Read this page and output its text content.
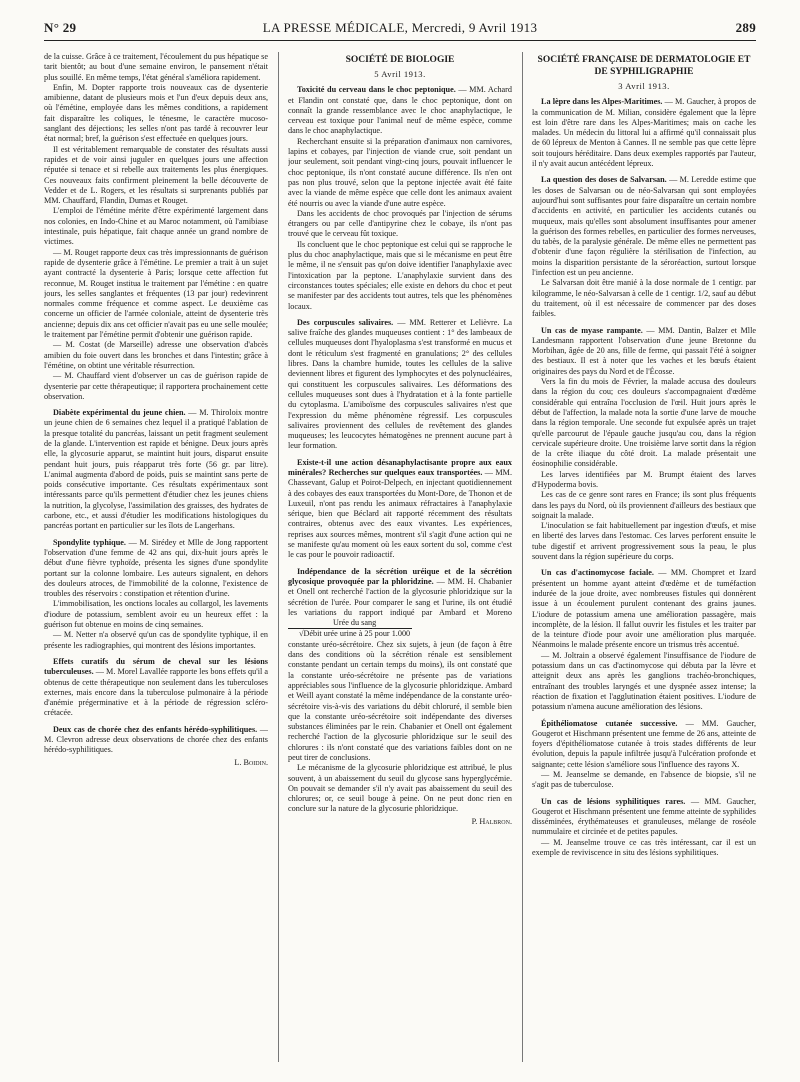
N° 29	LA PRESSE MÉDICALE, Mercredi, 9 Avril 1913	289

de la cuisse. Grâce à ce traitement, l'écoulement du pus hépatique se tarit bientôt; au bout d'une semaine environ, le pansement n'était plus souillé. En même temps, l'état général s'améliora rapidement.

Enfin, M. Dopter rapporte trois nouveaux cas de dysenterie amibienne, datant de plusieurs mois et l'un d'eux depuis deux ans, où l'émétine, employée dans les mêmes conditions, a rapidement fait disparaître les coliques, le ténesme, le caractère mucoso-sanglant des déjections; les selles n'ont pas tardé à recouvrer leur état normal; bref, la guérison s'est effectuée en quelques jours.

Il est véritablement remarquable de constater des résultats aussi rapides et de voir ainsi juguler en quelques jours une affection réputée si tenace et si rebelle aux traitements les plus énergiques. Ces nouveaux faits confirment pleinement la belle découverte de Vedder et de L. Rogers, et les résultats si surprenants publiés par MM. Chauffard, Flandin, Dumas et Rouget.

L'emploi de l'émétine mérite d'être expérimenté largement dans nos colonies, en Indo-Chine et au Maroc notamment, où l'amibiase intestinale, puis hépatique, fait chaque année un grand nombre de victimes.

— M. Rouget rapporte deux cas très impressionnants de guérison rapide de dysenterie grâce à l'émétine. Le premier a trait à un sujet ayant contracté la dysenterie à Paris; lorsque cette affection fut reconnue, M. Rouget institua le traitement par l'émétine : en quatre jours, les selles sanglantes et fréquentes (13 par jour) redevinrent normales comme fréquence et comme aspect. Le deuxième cas concerne un officier de l'armée coloniale, atteint de dysenterie très ancienne; depuis dix ans cet officier n'avait pas eu une selle moulée; le traitement par l'émétine permit d'obtenir une guérison rapide.

— M. Costat (de Marseille) adresse une observation d'abcès amibien du foie ouvert dans les bronches et dans l'intestin; grâce à l'émétine, on obtint une véritable résurrection.

— M. Chauffard vient d'observer un cas de guérison rapide de dysenterie par cette thérapeutique; il rapportera prochainement cette observation.

Diabète expérimental du jeune chien. — M. Thiroloix montre un jeune chien de 6 semaines chez lequel il a pratiqué l'ablation de la presque totalité du pancréas, laissant un petit fragment seulement de la glande. L'intervention est rapide et bénigne. Deux jours après elle, la glycosurie apparut, se maintint huit jours, disparut ensuite pendant huit jours, puis réapparut très forte (56 gr. par litre). L'animal augmenta d'abord de poids, puis se maintint sans perte de poids consécutive importante. Ces résultats expérimentaux sont intéressants parce qu'ils permettent d'étudier chez les jeunes chiens la nutrition, la glycolyse, l'assimilation des graisses, des hydrates de carbone, etc., et aussi d'étudier les modifications histologiques du pancréas portant en particulier sur les îlots de Langerhans.

Spondylite typhique. — M. Sirédey et Mlle de Jong rapportent l'observation d'une femme de 42 ans qui, dix-huit jours après le début d'une fièvre typhoïde, présenta les signes d'une spondylite portant sur la colonne lombaire. Les auteurs signalent, en dehors des douleurs atroces, de l'immobilité de la colonne, l'existence de troubles des réservoirs : constipation et rétention d'urine.

L'immobilisation, les onctions locales au collargol, les lavements d'iodure de potassium, semblent avoir eu un heureux effet : la guérison fut obtenue en moins de cinq semaines.

— M. Netter n'a observé qu'un cas de spondylite typhique, il en présente les radiographies, qui montrent des lésions importantes.

Effets curatifs du sérum de cheval sur les lésions tuberculeuses. — M. Morel Lavallée rapporte les bons effets qu'il a obtenus de cette thérapeutique non seulement dans les tuberculoses externes, mais encore dans la tuberculose pulmonaire à la période d'anémie prégerminative et à la période de régression scléro-crétacée.

Deux cas de chorée chez des enfants hérédo-syphilitiques. — M. Clevron adresse deux observations de chorée chez des enfants hérédo-syphilitiques.

L. Boidin.
SOCIÉTÉ DE BIOLOGIE
5 Avril 1913.

Toxicité du cerveau dans le choc peptonique. — MM. Achard et Flandin ont constaté que, dans le choc peptonique, dont on connaît la grande ressemblance avec le choc anaphylactique, le cerveau est toxique pour l'animal neuf de même espèce, comme dans le choc anaphylactique.

Recherchant ensuite si la préparation d'animaux non carnivores, lapins et cobayes, par l'injection de viande crue, soit pendant un jour seulement, soit pendant vingt-cinq jours, pouvait influencer le choc peptonique, ils n'ont constaté aucune différence. Ils n'en ont pas non plus trouvé, selon que la peptone injectée avait été faite avec la viande de même espèce que celle dont les animaux avaient été nourris ou avec la viande d'une autre espèce.

Dans les accidents de choc provoqués par l'injection de sérums étrangers ou par celle d'antipyrine chez le cobaye, ils n'ont pas trouvé que le cerveau fût toxique.

Ils concluent que le choc peptonique est celui qui se rapproche le plus du choc anaphylactique, mais que si le mécanisme en peut être le même, il ne s'ensuit pas qu'on doive identifier l'anaphylaxie avec l'intoxication par la peptone. L'anaphylaxie survient dans des circonstances toutes spéciales; elle existe en dehors du choc et peut se manifester par des accidents tout autres, tels que les phénomènes locaux.

Des corpuscules salivaires. — MM. Retterer et Lelièvre. La salive fraîche des glandes muqueuses contient : 1° des lambeaux de cellules muqueuses dont l'hyaloplasma s'est transformé en mucus et dont le réticulum s'est fragmenté en granulations; 2° des cellules libres. Dans la chambre humide, toutes les cellules de la salive deviennent libres et figurent des lymphocytes et des polynucléaires, qui constituent les corpuscules salivaires. Les déformations des cellules muqueuses sont dues à l'hydratation et à la fonte partielle du cytoplasma. L'amiboïsme des corpuscules salivaires n'est que l'expression du même phénomène régressif. Les corpuscules salivaires proviennent des cellules de revêtement des glandes muqueuses; les leucocytes hématogènes ne prennent aucune part à leur formation.

Existe-t-il une action désanaphylactisante propre aux eaux minérales? Recherches sur quelques eaux transportées. — MM. Chassevant, Galup et Poirot-Delpech, en injectant quotidiennement à des cobayes des eaux transportées du Mont-Dore, de Thonon et de Luxeuil, n'ont pas rendu les animaux réfractaires à l'anaphylaxie sérique, bien que Béclard ait rapporté récemment des résultats contraires, obtenus avec des eaux vivantes. Les expériences, reprises aux sources mêmes, montrent s'il s'agit d'une action qui ne se manifeste qu'au moment où les eaux sortent du sol, comme c'est le cas pour le pouvoir radioactif.

Indépendance de la sécrétion uréique et de la sécrétion glycosique provoquée par la phloridzine. — MM. H. Chabanier et Onell ont recherché l'action de la glycosurie phloridzique sur la sécrétion de l'urée. Pour comparer le sang et l'urine, ils ont étudié les variations du rapport indiqué par Ambard et Moreno
Urée du sang
√Débit urée urine à 25 pour 1.000

constante uréo-sécrétoire. Chez six sujets, à jeun (de façon à être dans des conditions où la sécrétion rénale est sensiblement constante pendant un certain temps du moins), ils ont constaté que la constante uréo-sécrétoire ne présente pas de variations appréciables sous l'influence de la glycosurie phloridzique. Ambard et Weill ayant constaté la même indépendance de la constante uréo-sécrétoire vis-à-vis des variations du débit chloruré, il semble bien que la constante uréo-sécrétoire soit indépendante des diverses substances éliminées par le rein. Chabanier et Onell ont également recherché l'action de la glycosurie phloridzique sur le seuil des chlorures : ils n'ont constaté que des variations faibles dont on ne peut tirer de conclusions.

Le mécanisme de la glycosurie phloridzique est attribué, le plus souvent, à un abaissement du seuil du glycose sans hyperglycémie. On pouvait se demander s'il n'y avait pas abaissement du seuil des chlorures; or, ce seuil bouge à peine. On ne peut donc rien en conclure sur la nature de la glycosurie phloridzique.

P. Halbron.
SOCIÉTÉ FRANÇAISE DE DERMATOLOGIE ET DE SYPHILIGRAPHIE
3 Avril 1913.

La lèpre dans les Alpes-Maritimes. — M. Gaucher, à propos de la communication de M. Milian, considère également que la lèpre est loin d'être rare dans les Alpes-Maritimes; mais on cache les malades. Un médecin du littoral lui a affirmé qu'il connaissait plus de 60 lépreux de Menton à Cannes. Il ne semble pas que cette lèpre soit toujours héréditaire. Dans deux exemples rapportés par l'auteur, il n'y avait aucun antécédent lépreux.

La question des doses de Salvarsan. — M. Leredde estime que les doses de Salvarsan ou de néo-Salvarsan qui sont employées aujourd'hui sont suffisantes pour faire disparaître un certain nombre d'accidents en activité, en particulier les accidents cutanés ou muqueux, mais qu'elles sont absolument insuffisantes pour amener la guérison des formes rebelles, en particulier des formes nerveuses, du tabès, de la paralysie générale. De même elles ne permettent pas d'obtenir d'une façon régulière la stérilisation de l'infection, au moins la disparition persistante de la séroréaction, surtout lorsque l'infection est un peu ancienne.

Le Salvarsan doit être manié à la dose normale de 1 centigr. par kilogramme, le néo-Salvarsan à celle de 1 centigr. 1/2, sauf au début du traitement, où il est nécessaire de commencer par des doses faibles.

Un cas de myase rampante. — MM. Dantin, Balzer et Mlle Landesmann rapportent l'observation d'une jeune Bretonne du Morbihan, âgée de 20 ans, fille de ferme, qui passait l'été à soigner des bestiaux. Il est à noter que les vaches et les bœufs étaient originaires des pays du Nord et de l'Écosse.

Vers la fin du mois de Février, la malade accusa des douleurs dans la région du cou; ces douleurs s'accompagnaient d'œdème considérable qui entraîna l'occlusion de l'œil. Huit jours après le début de l'affection, la malade nota la sortie d'une larve de mouche dans la région temporale. Une seconde fut expulsée après un trajet qu'elle parcourut de l'épaule gauche jusqu'au cou, dans la région cervicale supérieure droite. Une troisième larve sortit dans la région de la crête iliaque du côté droit. La malade présentait une éosinophilie considérable.

Les larves identifiées par M. Brumpt étaient des larves d'Hypoderma bovis.

Les cas de ce genre sont rares en France; ils sont plus fréquents dans les pays du Nord, où ils proviennent d'ailleurs des bestiaux que soignait la malade.

L'inoculation se fait habituellement par ingestion d'œufs, et mise en liberté des larves dans l'estomac. Ces larves perforent ensuite le tube digestif et arrivent progressivement sous la peau, le plus souvent dans la région supérieure du corps.

Un cas d'actinomycose faciale. — MM. Chompret et Izard présentent un homme ayant atteint d'œdème et de tuméfaction indurée de la joue droite, avec nombreuses fistules qui donnèrent issue à un écoulement purulent contenant des grains jaunes. L'iodure de potassium amena une amélioration passagère, mais incomplète, de la lésion. Il fallut ouvrir les fistules et les traiter par de la teinture d'iode pour avoir une amélioration plus marquée. Néanmoins le malade présente encore un trismus très accentué.

— M. Joltrain a observé également l'insuffisance de l'iodure de potassium dans un cas d'actinomycose qui débuta par la lèvre et atteignit deux ans après les ganglions trachéo-bronchiques, entraînant des troubles laryngés et une dyspnée assez intense; la réaction de fixation et l'agglutination étaient positives. L'iodure de potassium n'amena aucune amélioration des lésions.

Épithéliomatose cutanée successive. — MM. Gaucher, Gougerot et Hischmann présentent une femme de 26 ans, atteinte de foyers d'épithéliomatose cutanée à trois stades différents de leur évolution, depuis la papule infiltrée jusqu'à l'ulcération profonde et saignante; cette lésion s'améliore sous l'influence des rayons X.

— M. Jeanselme se demande, en l'absence de biopsie, s'il ne s'agit pas de tuberculose.

Un cas de lésions syphilitiques rares. — MM. Gaucher, Gougerot et Hischmann présentent une femme atteinte de syphilides disséminées, érythémateuses et granuleuses, mélange de roséole nummulaire et circinée et de petites papules.

— M. Jeanselme trouve ce cas très intéressant, car il est un exemple de reviviscence in situ des lésions syphilitiques.
